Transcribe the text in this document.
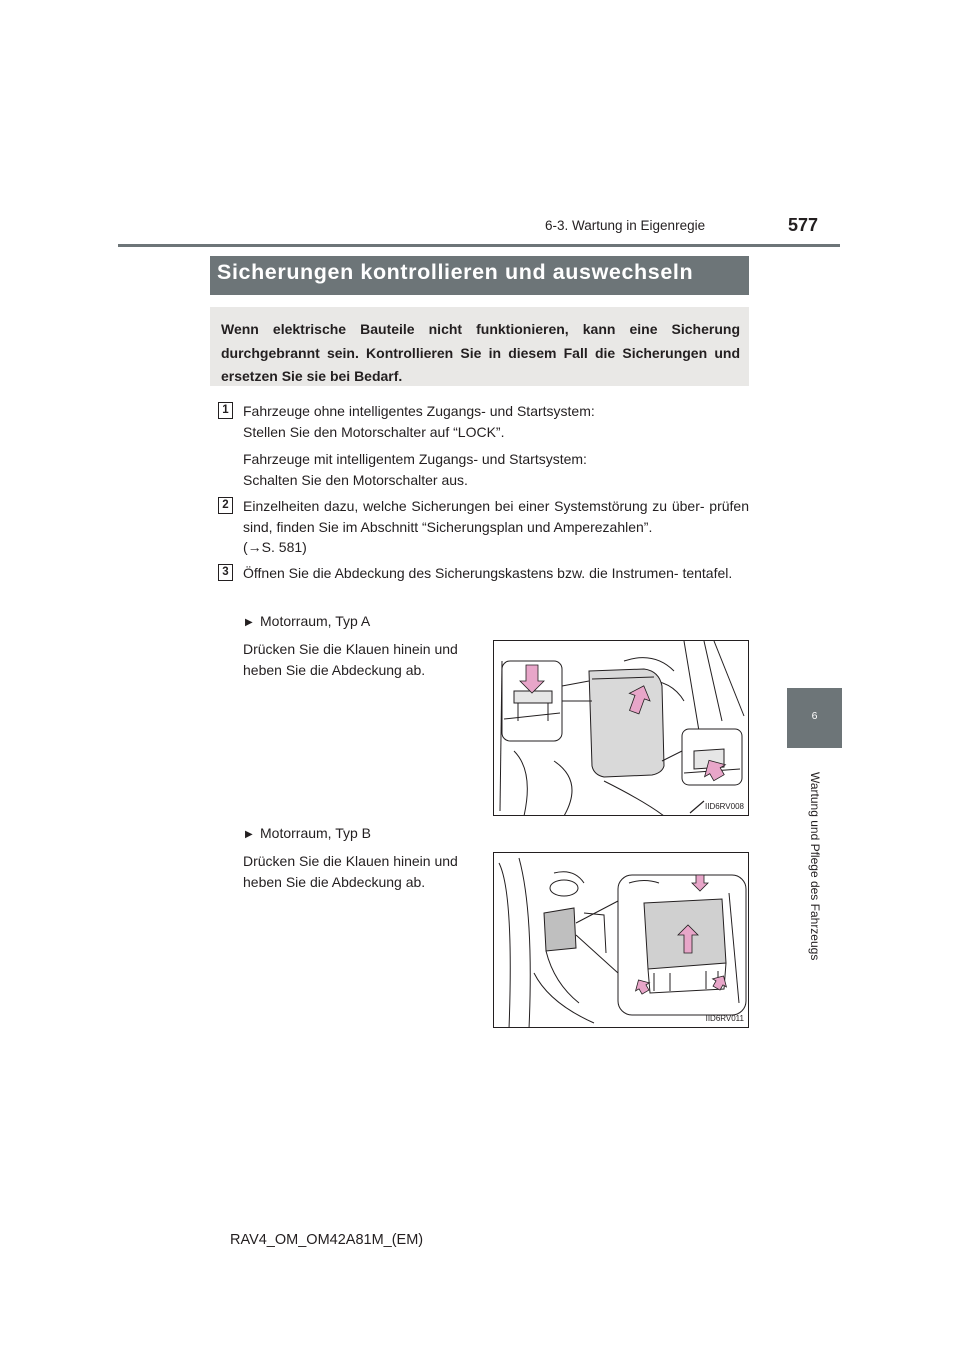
6-3. Wartung in Eigenregie	577
6
Wartung und Pflege des Fahrzeugs
Sicherungen kontrollieren und auswechseln
Wenn elektrische Bauteile nicht funktionieren, kann eine Sicherung durchgebrannt sein. Kontrollieren Sie in diesem Fall die Sicherungen und ersetzen Sie sie bei Bedarf.
1	Fahrzeuge ohne intelligentes Zugangs- und Startsystem:
Stellen Sie den Motorschalter auf “LOCK”.
Fahrzeuge mit intelligentem Zugangs- und Startsystem:
Schalten Sie den Motorschalter aus.
2	Einzelheiten dazu, welche Sicherungen bei einer Systemstörung zu über- prüfen sind, finden Sie im Abschnitt “Sicherungsplan und Amperezahlen”.
(→S. 581)
3	Öffnen Sie die Abdeckung des Sicherungskastens bzw. die Instrumen- tentafel.
▶ Motorraum, Typ A
Drücken Sie die Klauen hinein und heben Sie die Abdeckung ab.
IID6RV008
▶ Motorraum, Typ B
Drücken Sie die Klauen hinein und heben Sie die Abdeckung ab.
IID6RV011
RAV4_OM_OM42A81M_(EM)
